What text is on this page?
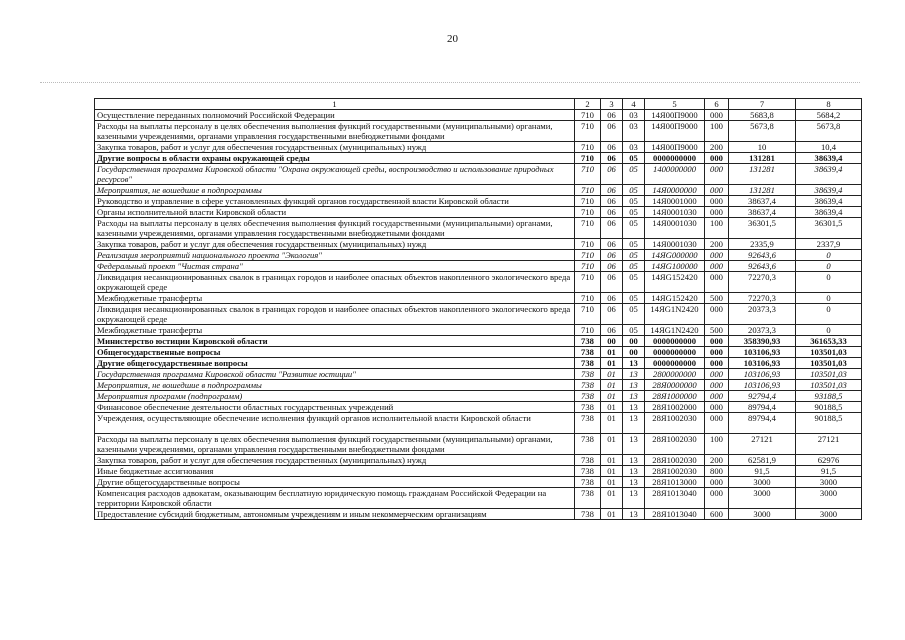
20
1	2	3	4	5	6	7	8
Осуществление переданных полномочий Российской Федерации	710	06	03	14Я00П9000	000	5683,8	5684,2
Расходы на выплаты персоналу в целях обеспечения выполнения функций государственными (муниципальными) органами, казенными учреждениями, органами управления государственными внебюджетными фондами	710	06	03	14Я00П9000	100	5673,8	5673,8
Закупка товаров, работ и услуг для обеспечения государственных (муниципальных) нужд	710	06	03	14Я00П9000	200	10	10,4
Другие вопросы в области охраны окружающей среды	710	06	05	0000000000	000	131281	38639,4
Государственная программа Кировской области "Охрана окружающей среды, воспроизводство и использование природных ресурсов"	710	06	05	1400000000	000	131281	38639,4
Мероприятия, не вошедшие в подпрограммы	710	06	05	14Я0000000	000	131281	38639,4
Руководство и управление в сфере установленных функций органов государственной власти Кировской области	710	06	05	14Я0001000	000	38637,4	38639,4
Органы исполнительной власти Кировской области	710	06	05	14Я0001030	000	38637,4	38639,4
Расходы на выплаты персоналу в целях обеспечения выполнения функций государственными (муниципальными) органами, казенными учреждениями, органами управления государственными внебюджетными фондами	710	06	05	14Я0001030	100	36301,5	36301,5
Закупка товаров, работ и услуг для обеспечения государственных (муниципальных) нужд	710	06	05	14Я0001030	200	2335,9	2337,9
Реализация мероприятий национального проекта "Экология"	710	06	05	14ЯG000000	000	92643,6	0
Федеральный проект "Чистая страна"	710	06	05	14ЯG100000	000	92643,6	0
Ликвидация несанкционированных свалок в границах городов и наиболее опасных объектов накопленного экологического вреда окружающей среде	710	06	05	14ЯG152420	000	72270,3	0
Межбюджетные трансферты	710	06	05	14ЯG152420	500	72270,3	0
Ликвидация несанкционированных свалок в границах городов и наиболее опасных объектов накопленного экологического вреда окружающей среде	710	06	05	14ЯG1N2420	000	20373,3	0
Межбюджетные трансферты	710	06	05	14ЯG1N2420	500	20373,3	0
Министерство юстиции Кировской области	738	00	00	0000000000	000	358390,93	361653,33
Общегосударственные вопросы	738	01	00	0000000000	000	103106,93	103501,03
Другие общегосударственные вопросы	738	01	13	0000000000	000	103106,93	103501,03
Государственная программа Кировской области "Развитие юстиции"	738	01	13	2800000000	000	103106,93	103501,03
Мероприятия, не вошедшие в подпрограммы	738	01	13	28Я0000000	000	103106,93	103501,03
Мероприятия программ (подпрограмм)	738	01	13	28Я1000000	000	92794,4	93188,5
Финансовое обеспечение деятельности областных государственных учреждений	738	01	13	28Я1002000	000	89794,4	90188,5
Учреждения, осуществляющие обеспечение исполнения функций органов исполнительной власти Кировской области	738	01	13	28Я1002030	000	89794,4	90188,5
Расходы на выплаты персоналу в целях обеспечения выполнения функций государственными (муниципальными) органами, казенными учреждениями, органами управления государственными внебюджетными фондами	738	01	13	28Я1002030	100	27121	27121
Закупка товаров, работ и услуг для обеспечения государственных (муниципальных) нужд	738	01	13	28Я1002030	200	62581,9	62976
Иные бюджетные ассигнования	738	01	13	28Я1002030	800	91,5	91,5
Другие общегосударственные вопросы	738	01	13	28Я1013000	000	3000	3000
Компенсация расходов адвокатам, оказывающим бесплатную юридическую помощь гражданам Российской Федерации на территории Кировской области	738	01	13	28Я1013040	000	3000	3000
Предоставление субсидий бюджетным, автономным учреждениям и иным некоммерческим организациям	738	01	13	28Я1013040	600	3000	3000
